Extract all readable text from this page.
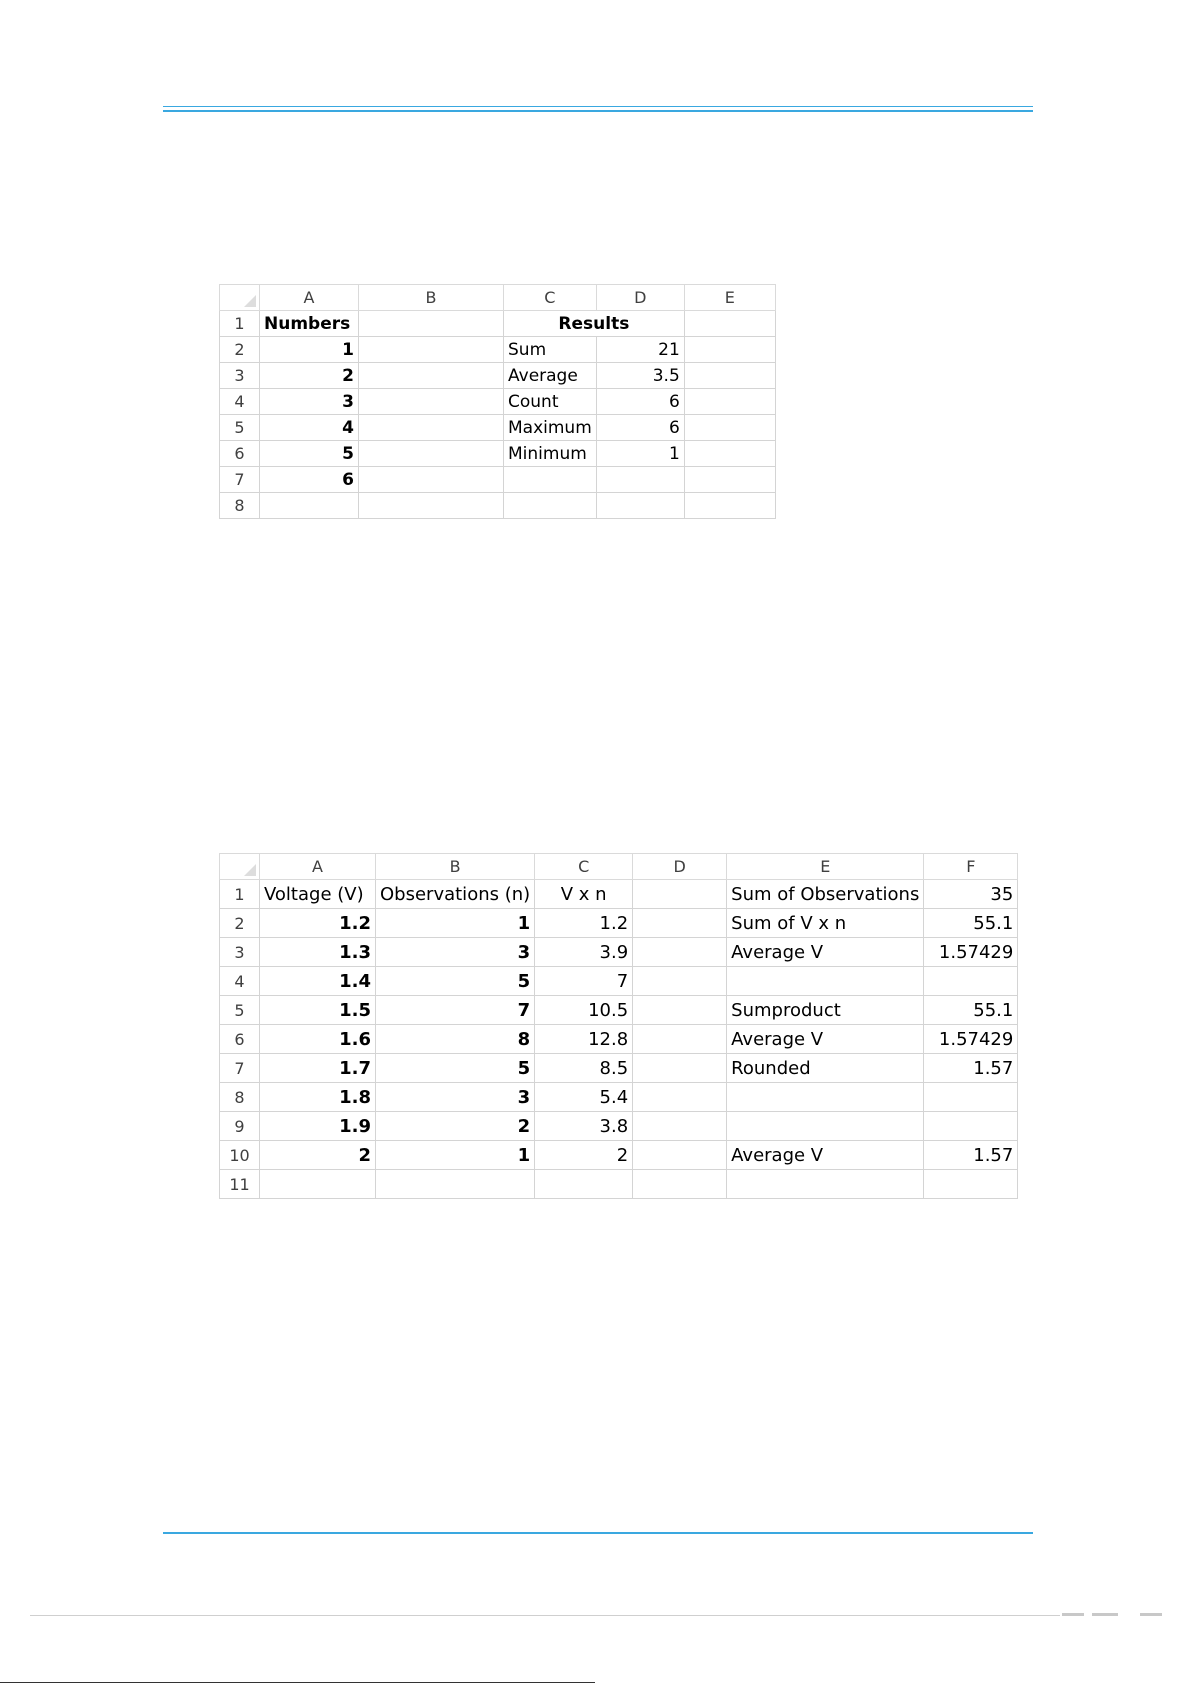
	A	B	C	D	E
1	Numbers		Results		
2	1		Sum	21	
3	2		Average	3.5	
4	3		Count	6	
5	4		Maximum	6	
6	5		Minimum	1	
7	6				
8					
	A	B	C	D	E	F
1	Voltage (V)	Observations (n)	V x n		Sum of Observations	35
2	1.2	1	1.2		Sum of V x n	55.1
3	1.3	3	3.9		Average V	1.57429
4	1.4	5	7			
5	1.5	7	10.5		Sumproduct	55.1
6	1.6	8	12.8		Average V	1.57429
7	1.7	5	8.5		Rounded	1.57
8	1.8	3	5.4			
9	1.9	2	3.8			
10	2	1	2		Average V	1.57
11						
